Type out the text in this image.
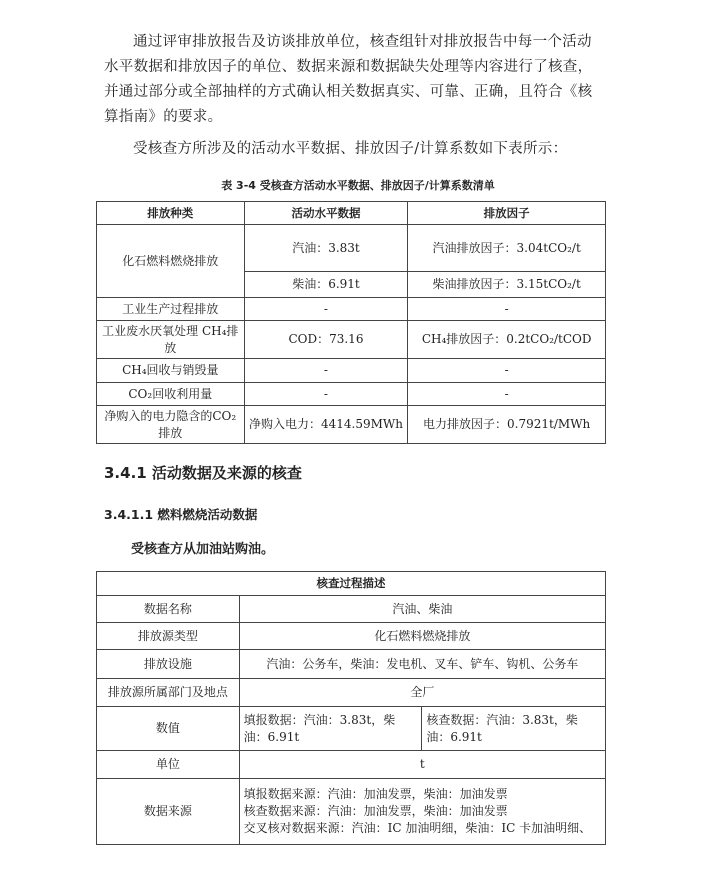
通过评审排放报告及访谈排放单位，核查组针对排放报告中每一个活动水平数据和排放因子的单位、数据来源和数据缺失处理等内容进行了核查，并通过部分或全部抽样的方式确认相关数据真实、可靠、正确，且符合《核算指南》的要求。

受核查方所涉及的活动水平数据、排放因子/计算系数如下表所示：

表 3-4 受核查方活动水平数据、排放因子/计算系数清单
排放种类	活动水平数据	排放因子
化石燃料燃烧排放	汽油：3.83t	汽油排放因子：3.04tCO₂/t
	柴油：6.91t	柴油排放因子：3.15tCO₂/t
工业生产过程排放	-	-
工业废水厌氧处理 CH₄排放	COD：73.16	CH₄排放因子：0.2tCO₂/tCOD
CH₄回收与销毁量	-	-
CO₂回收利用量	-	-
净购入的电力隐含的CO₂排放	净购入电力：4414.59MWh	电力排放因子：0.7921t/MWh
3.4.1 活动数据及来源的核查
3.4.1.1 燃料燃烧活动数据
受核查方从加油站购油。
核查过程描述		
数据名称	汽油、柴油	
排放源类型	化石燃料燃烧排放	
排放设施	汽油：公务车，柴油：发电机、叉车、铲车、钩机、公务车	
排放源所属部门及地点	全厂	
数值	填报数据：汽油：3.83t，柴油：6.91t	核查数据：汽油：3.83t，柴油：6.91t
单位	t	
数据来源	填报数据来源：汽油：加油发票，柴油：加油发票
核查数据来源：汽油：加油发票，柴油：加油发票
交叉核对数据来源：汽油：IC 加油明细，柴油：IC 卡加油明细、	
